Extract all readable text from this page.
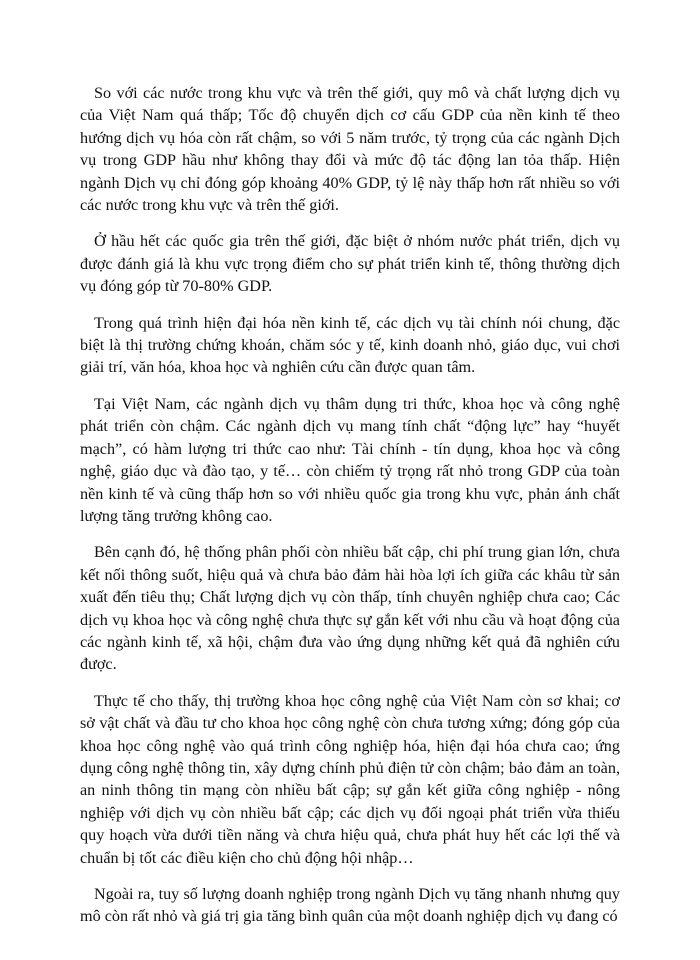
So với các nước trong khu vực và trên thế giới, quy mô và chất lượng dịch vụ của Việt Nam quá thấp; Tốc độ chuyển dịch cơ cấu GDP của nền kinh tế theo hướng dịch vụ hóa còn rất chậm, so với 5 năm trước, tỷ trọng của các ngành Dịch vụ trong GDP hầu như không thay đổi và mức độ tác động lan tỏa thấp. Hiện ngành Dịch vụ chỉ đóng góp khoảng 40% GDP, tỷ lệ này thấp hơn rất nhiều so với các nước trong khu vực và trên thế giới.

Ở hầu hết các quốc gia trên thế giới, đặc biệt ở nhóm nước phát triển, dịch vụ được đánh giá là khu vực trọng điểm cho sự phát triển kinh tế, thông thường dịch vụ đóng góp từ 70-80% GDP.

Trong quá trình hiện đại hóa nền kinh tế, các dịch vụ tài chính nói chung, đặc biệt là thị trường chứng khoán, chăm sóc y tế, kinh doanh nhỏ, giáo dục, vui chơi giải trí, văn hóa, khoa học và nghiên cứu cần được quan tâm.

Tại Việt Nam, các ngành dịch vụ thâm dụng tri thức, khoa học và công nghệ phát triển còn chậm. Các ngành dịch vụ mang tính chất “động lực” hay “huyết mạch”, có hàm lượng tri thức cao như: Tài chính - tín dụng, khoa học và công nghệ, giáo dục và đào tạo, y tế… còn chiếm tỷ trọng rất nhỏ trong GDP của toàn nền kinh tế và cũng thấp hơn so với nhiều quốc gia trong khu vực, phản ánh chất lượng tăng trưởng không cao.

Bên cạnh đó, hệ thống phân phối còn nhiều bất cập, chi phí trung gian lớn, chưa kết nối thông suốt, hiệu quả và chưa bảo đảm hài hòa lợi ích giữa các khâu từ sản xuất đến tiêu thụ; Chất lượng dịch vụ còn thấp, tính chuyên nghiệp chưa cao; Các dịch vụ khoa học và công nghệ chưa thực sự gắn kết với nhu cầu và hoạt động của các ngành kinh tế, xã hội, chậm đưa vào ứng dụng những kết quả đã nghiên cứu được.

Thực tế cho thấy, thị trường khoa học công nghệ của Việt Nam còn sơ khai; cơ sở vật chất và đầu tư cho khoa học công nghệ còn chưa tương xứng; đóng góp của khoa học công nghệ vào quá trình công nghiệp hóa, hiện đại hóa chưa cao; ứng dụng công nghệ thông tin, xây dựng chính phủ điện tử còn chậm; bảo đảm an toàn, an ninh thông tin mạng còn nhiều bất cập; sự gắn kết giữa công nghiệp - nông nghiệp với dịch vụ còn nhiều bất cập; các dịch vụ đối ngoại phát triển vừa thiếu quy hoạch vừa dưới tiền năng và chưa hiệu quả, chưa phát huy hết các lợi thế và chuẩn bị tốt các điều kiện cho chủ động hội nhập…

Ngoài ra, tuy số lượng doanh nghiệp trong ngành Dịch vụ tăng nhanh nhưng quy mô còn rất nhỏ và giá trị gia tăng bình quân của một doanh nghiệp dịch vụ đang có
